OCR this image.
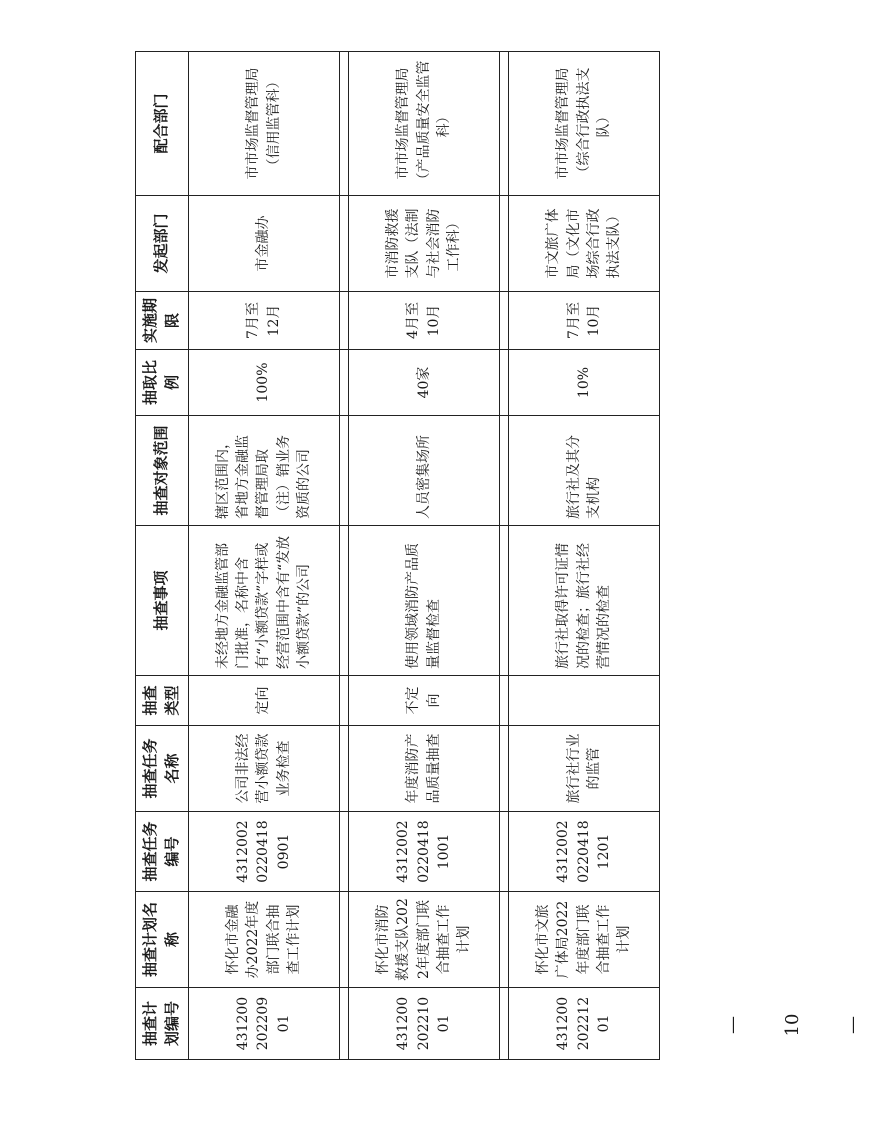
抽查计划编号	抽查计划名称	抽查任务编号	抽查任务名称	抽查类型	抽查事项	抽查对象范围	抽取比例	实施期限	发起部门	配合部门
43120020220901	怀化市金融办2022年度部门联合抽查工作计划	431200202204180901	公司非法经营小额贷款业务检查	定向	未经地方金融监管部门批准，名称中含有“小额贷款”字样或经营范围中含有“发放小额贷款”的公司	辖区范围内，省地方金融监督管理局取（注）销业务资质的公司	100%	7月至12月	市金融办	市市场监督管理局（信用监管科）

43120020221001	怀化市消防救援支队2022年度部门联合抽查工作计划	431200202204181001	年度消防产品质量抽查	不定向	使用领域消防产品质量监督检查	人员密集场所	40家	4月至10月	市消防救援支队（法制与社会消防工作科）	市市场监督管理局（产品质量安全监管科）

43120020221201	怀化市文旅广体局2022年度部门联合抽查工作计划	431200202204181201	旅行社行业的监管		旅行社取得许可证情况的检查；旅行社经营情况的检查	旅行社及其分支机构	10%	7月至10月	市文旅广体局（文化市场综合行政执法支队）	市市场监督管理局（综合行政执法支队）
—10—
